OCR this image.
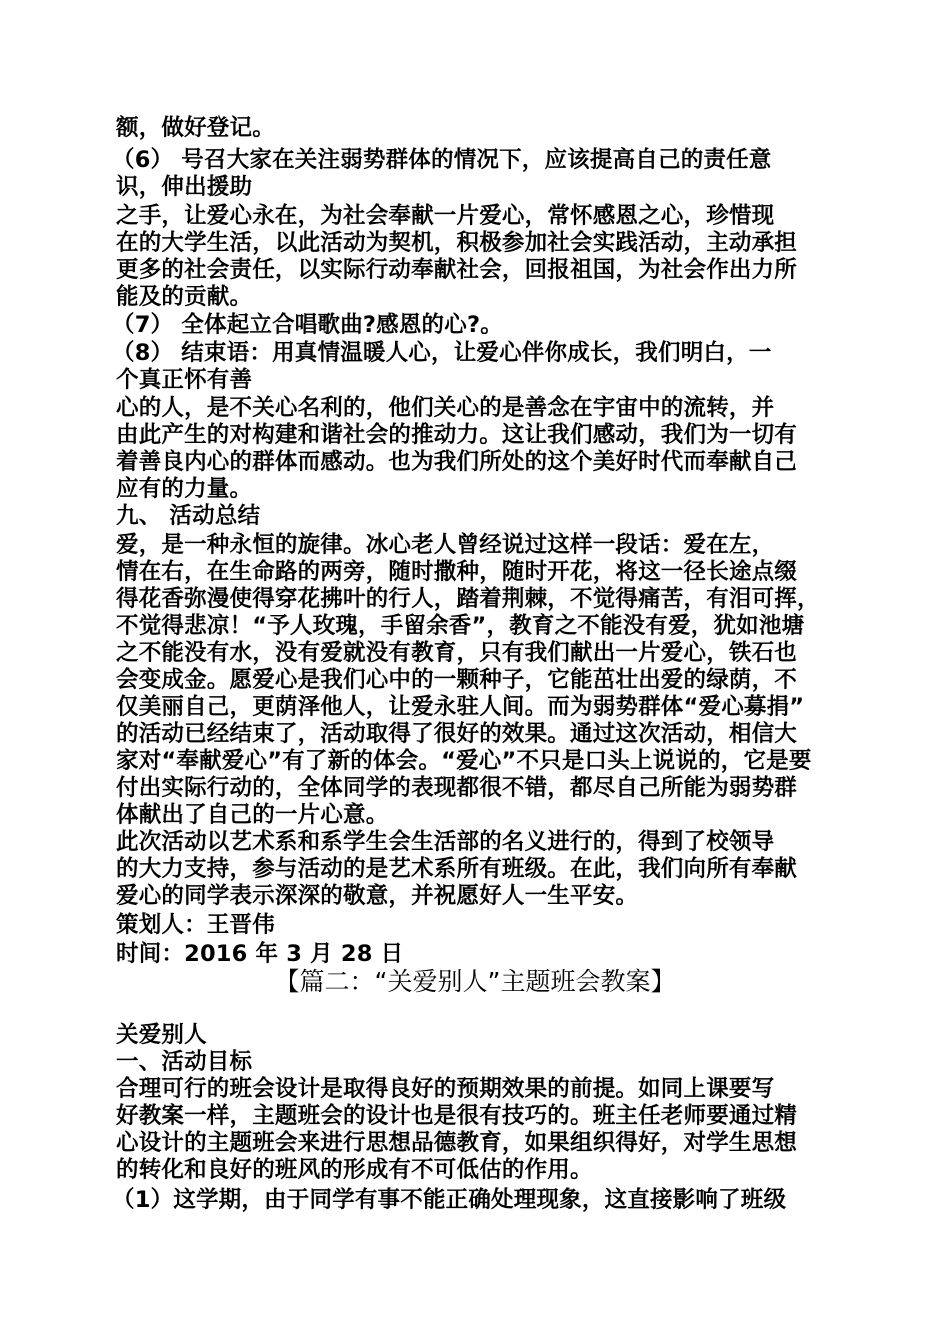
额，做好登记。
（6） 号召大家在关注弱势群体的情况下，应该提高自己的责任意
识，伸出援助
之手，让爱心永在，为社会奉献一片爱心，常怀感恩之心，珍惜现
在的大学生活，以此活动为契机，积极参加社会实践活动，主动承担
更多的社会责任，以实际行动奉献社会，回报祖国，为社会作出力所
能及的贡献。
（7） 全体起立合唱歌曲?感恩的心?。
（8） 结束语：用真情温暖人心，让爱心伴你成长，我们明白，一
个真正怀有善
心的人，是不关心名利的，他们关心的是善念在宇宙中的流转，并
由此产生的对构建和谐社会的推动力。这让我们感动，我们为一切有
着善良内心的群体而感动。也为我们所处的这个美好时代而奉献自己
应有的力量。
九、 活动总结
爱，是一种永恒的旋律。冰心老人曾经说过这样一段话：爱在左，
情在右，在生命路的两旁，随时撒种，随时开花，将这一径长途点缀
得花香弥漫使得穿花拂叶的行人，踏着荆棘，不觉得痛苦，有泪可挥，
不觉得悲凉！“予人玫瑰，手留余香”，教育之不能没有爱，犹如池塘
之不能没有水，没有爱就没有教育，只有我们献出一片爱心，铁石也
会变成金。愿爱心是我们心中的一颗种子，它能茁壮出爱的绿荫，不
仅美丽自己，更荫泽他人，让爱永驻人间。而为弱势群体“爱心募捐”
的活动已经结束了，活动取得了很好的效果。通过这次活动，相信大
家对“奉献爱心”有了新的体会。“爱心”不只是口头上说说的，它是要
付出实际行动的，全体同学的表现都很不错，都尽自己所能为弱势群
体献出了自己的一片心意。
此次活动以艺术系和系学生会生活部的名义进行的，得到了校领导
的大力支持，参与活动的是艺术系所有班级。在此，我们向所有奉献
爱心的同学表示深深的敬意，并祝愿好人一生平安。
策划人：王晋伟
时间：2016 年 3 月 28 日
【篇二：“关爱别人”主题班会教案】
关爱别人
一、活动目标
合理可行的班会设计是取得良好的预期效果的前提。如同上课要写
好教案一样，主题班会的设计也是很有技巧的。班主任老师要通过精
心设计的主题班会来进行思想品德教育，如果组织得好，对学生思想
的转化和良好的班风的形成有不可低估的作用。
（1）这学期，由于同学有事不能正确处理现象，这直接影响了班级
